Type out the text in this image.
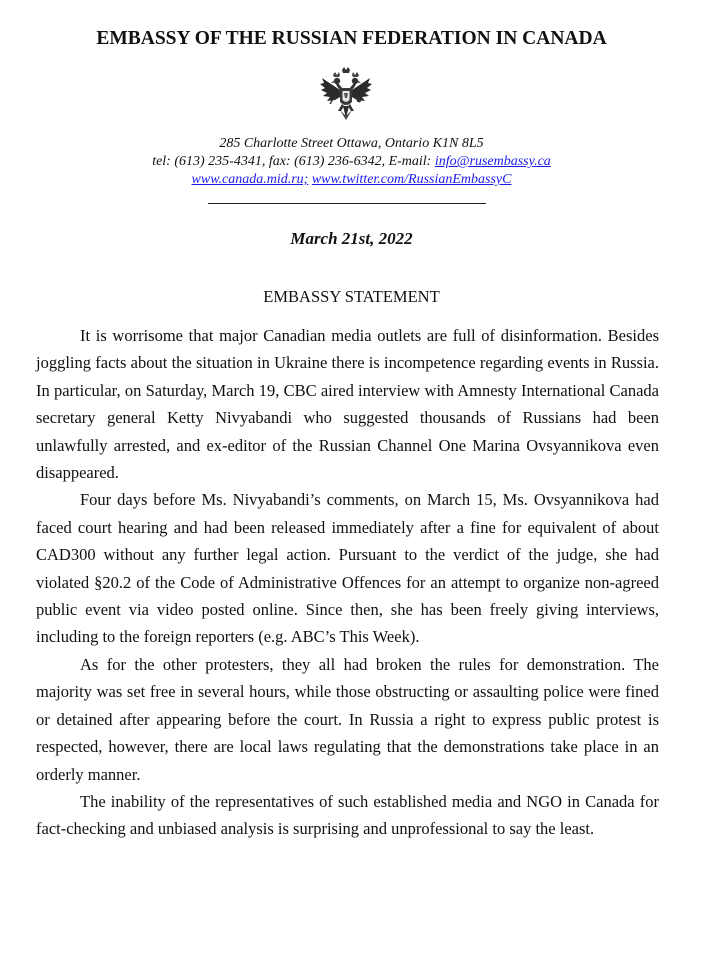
EMBASSY OF THE RUSSIAN FEDERATION IN CANADA
285 Charlotte Street Ottawa, Ontario K1N 8L5
tel: (613) 235-4341, fax: (613) 236-6342, E-mail: info@rusembassy.ca
www.canada.mid.ru; www.twitter.com/RussianEmbassyC
March 21st, 2022
EMBASSY STATEMENT

It is worrisome that major Canadian media outlets are full of disinformation. Besides joggling facts about the situation in Ukraine there is incompetence regarding events in Russia. In particular, on Saturday, March 19, CBC aired interview with Amnesty International Canada secretary general Ketty Nivyabandi who suggested thousands of Russians had been unlawfully arrested, and ex-editor of the Russian Channel One Marina Ovsyannikova even disappeared.

Four days before Ms. Nivyabandi’s comments, on March 15, Ms. Ovsyannikova had faced court hearing and had been released immediately after a fine for equivalent of about CAD300 without any further legal action. Pursuant to the verdict of the judge, she had violated §20.2 of the Code of Administrative Offences for an attempt to organize non-agreed public event via video posted online. Since then, she has been freely giving interviews, including to the foreign reporters (e.g. ABC’s This Week).

As for the other protesters, they all had broken the rules for demonstration. The majority was set free in several hours, while those obstructing or assaulting police were fined or detained after appearing before the court. In Russia a right to express public protest is respected, however, there are local laws regulating that the demonstrations take place in an orderly manner.

The inability of the representatives of such established media and NGO in Canada for fact-checking and unbiased analysis is surprising and unprofessional to say the least.
